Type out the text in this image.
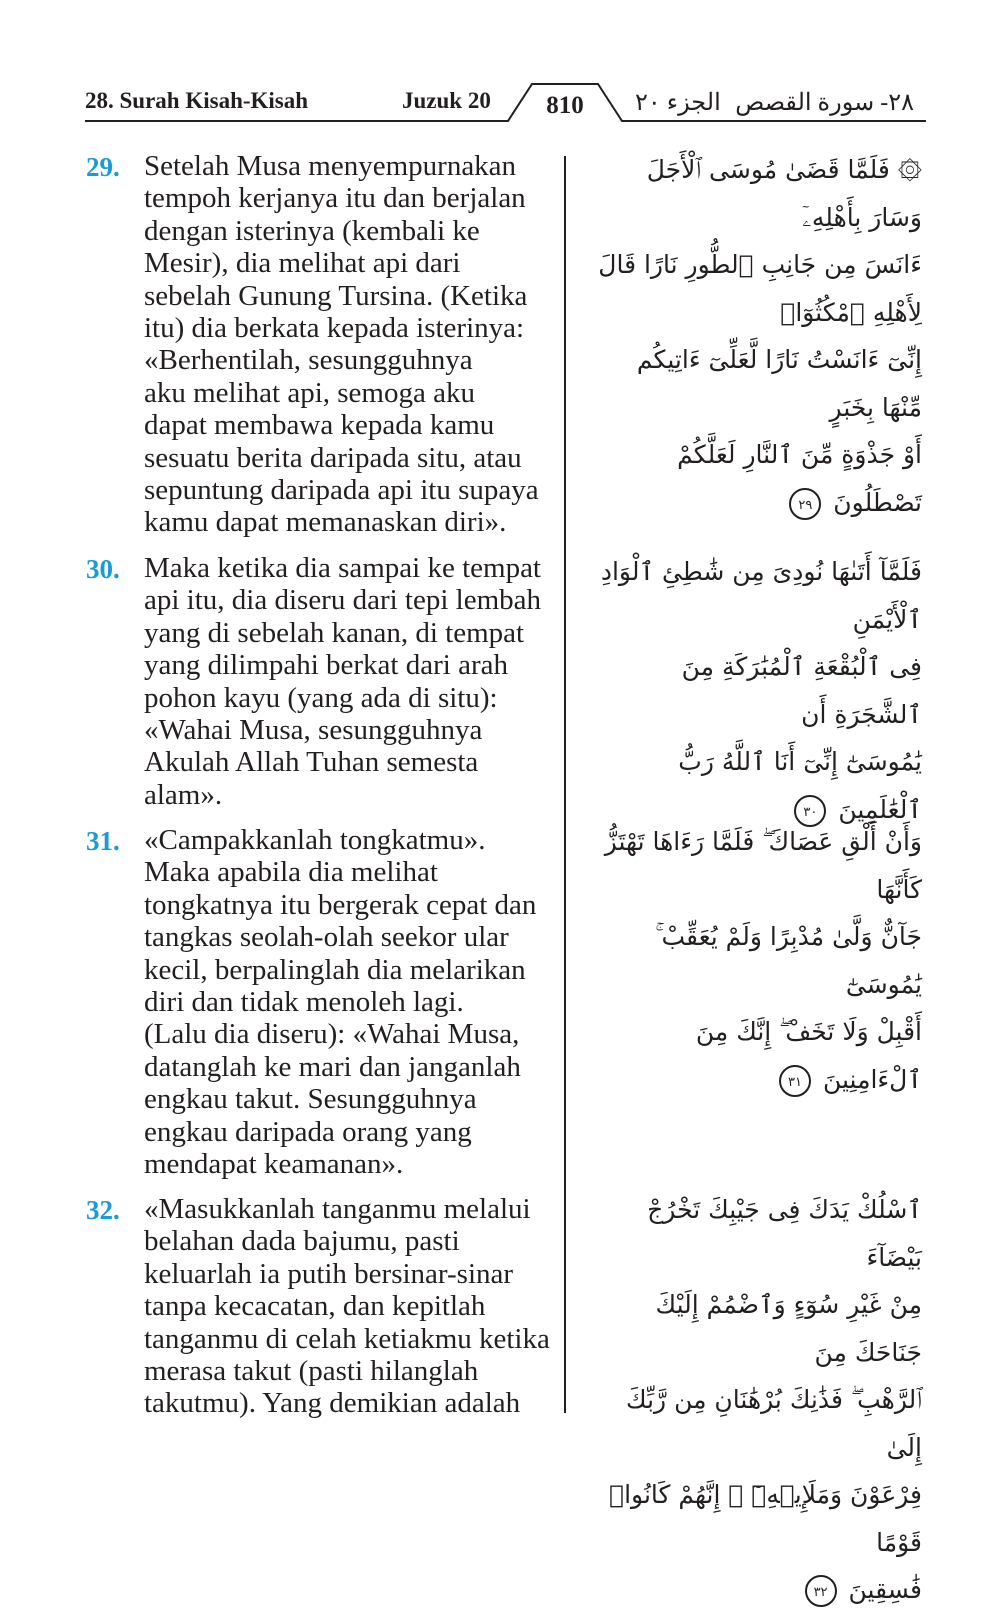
28. Surah Kisah-Kisah	Juzuk 20	810	الجزء ٢٠ ٢٨- سورة القصص
29. Setelah Musa menyempurnakan
tempoh kerjanya itu dan berjalan
dengan isterinya (kembali ke
Mesir), dia melihat api dari
sebelah Gunung Tursina. (Ketika
itu) dia berkata kepada isterinya:
«Berhentilah, sesungguhnya
aku melihat api, semoga aku
dapat membawa kepada kamu
sesuatu berita daripada situ, atau
sepuntung daripada api itu supaya
kamu dapat memanaskan diri».
۞ فَلَمَّا قَضَىٰ مُوسَى ٱلْأَجَلَ وَسَارَ بِأَهْلِهِۦٓ
ءَانَسَ مِن جَانِبِ ٱلطُّورِ نَارًا قَالَ لِأَهْلِهِ ٱمْكُثُوٓا۟
إِنِّىٓ ءَانَسْتُ نَارًا لَّعَلِّىٓ ءَاتِيكُم مِّنْهَا بِخَبَرٍ
أَوْ جَذْوَةٍ مِّنَ ٱلنَّارِ لَعَلَّكُمْ
تَصْطَلُونَ ٢٩
30. Maka ketika dia sampai ke tempat
api itu, dia diseru dari tepi lembah
yang di sebelah kanan, di tempat
yang dilimpahi berkat dari arah
pohon kayu (yang ada di situ):
«Wahai Musa, sesungguhnya
Akulah Allah Tuhan semesta
alam».
فَلَمَّآ أَتَىٰهَا نُودِىَ مِن شَٰطِئِ ٱلْوَادِ ٱلْأَيْمَنِ
فِى ٱلْبُقْعَةِ ٱلْمُبَٰرَكَةِ مِنَ ٱلشَّجَرَةِ أَن
يَٰمُوسَىٰٓ إِنِّىٓ أَنَا ٱللَّهُ رَبُّ ٱلْعَٰلَمِينَ ٣٠
31. «Campakkanlah tongkatmu».
Maka apabila dia melihat
tongkatnya itu bergerak cepat dan
tangkas seolah-olah seekor ular
kecil, berpalinglah dia melarikan
diri dan tidak menoleh lagi.
(Lalu dia diseru): «Wahai Musa,
datanglah ke mari dan janganlah
engkau takut. Sesungguhnya
engkau daripada orang yang
mendapat keamanan».
وَأَنْ أَلْقِ عَصَاكَ ۖ فَلَمَّا رَءَاهَا تَهْتَزُّ كَأَنَّهَا
جَآنٌّ وَلَّىٰ مُدْبِرًا وَلَمْ يُعَقِّبْ ۚ يَٰمُوسَىٰٓ
أَقْبِلْ وَلَا تَخَفْ ۖ إِنَّكَ مِنَ ٱلْءَامِنِينَ ٣١
32. «Masukkanlah tanganmu melalui
belahan dada bajumu, pasti
keluarlah ia putih bersinar-sinar
tanpa kecacatan, dan kepitlah
tanganmu di celah ketiakmu ketika
merasa takut (pasti hilanglah
takutmu). Yang demikian adalah
ٱسْلُكْ يَدَكَ فِى جَيْبِكَ تَخْرُجْ بَيْضَآءَ
مِنْ غَيْرِ سُوٓءٍ وَٱضْمُمْ إِلَيْكَ جَنَاحَكَ مِنَ
ٱلرَّهْبِ ۖ فَذَٰنِكَ بُرْهَٰنَانِ مِن رَّبِّكَ إِلَىٰ
فِرْعَوْنَ وَمَلَإِي۟هِۦٓ ۚ إِنَّهُمْ كَانُوا۟ قَوْمًا
فَٰسِقِينَ ٣٢
